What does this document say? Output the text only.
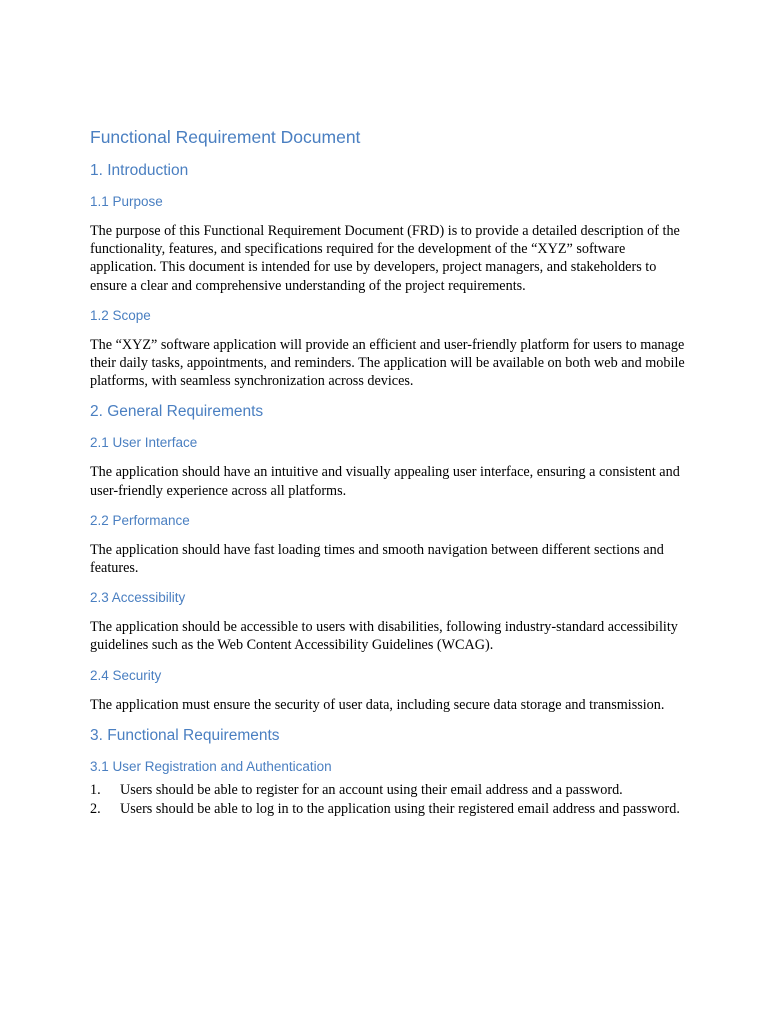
Functional Requirement Document
1. Introduction
1.1 Purpose

The purpose of this Functional Requirement Document (FRD) is to provide a detailed description of the functionality, features, and specifications required for the development of the “XYZ” software application. This document is intended for use by developers, project managers, and stakeholders to ensure a clear and comprehensive understanding of the project requirements.

1.2 Scope

The “XYZ” software application will provide an efficient and user-friendly platform for users to manage their daily tasks, appointments, and reminders. The application will be available on both web and mobile platforms, with seamless synchronization across devices.

2. General Requirements
2.1 User Interface

The application should have an intuitive and visually appealing user interface, ensuring a consistent and user-friendly experience across all platforms.

2.2 Performance

The application should have fast loading times and smooth navigation between different sections and features.

2.3 Accessibility

The application should be accessible to users with disabilities, following industry-standard accessibility guidelines such as the Web Content Accessibility Guidelines (WCAG).

2.4 Security

The application must ensure the security of user data, including secure data storage and transmission.

3. Functional Requirements
3.1 User Registration and Authentication
1. Users should be able to register for an account using their email address and a password.
2. Users should be able to log in to the application using their registered email address and password.
